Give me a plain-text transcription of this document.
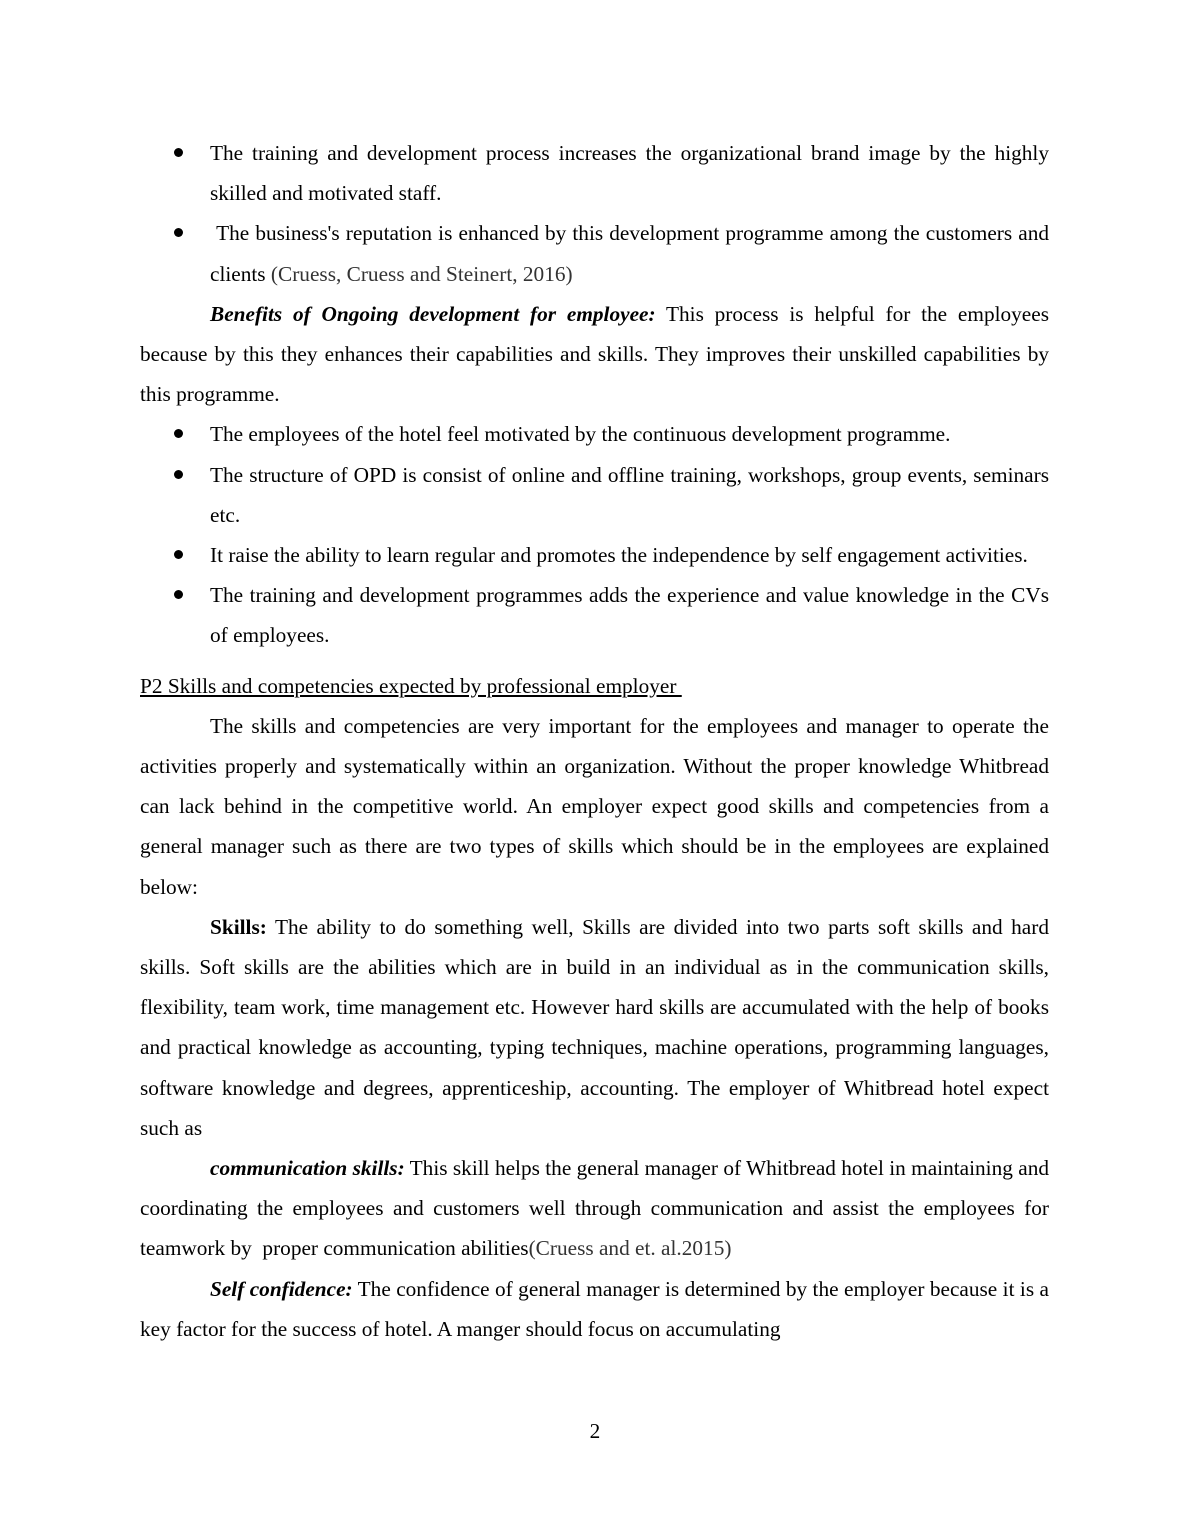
The training and development process increases the organizational brand image by the highly skilled and motivated staff.
The business's reputation is enhanced by this development programme among the customers and clients (Cruess, Cruess and Steinert, 2016)

Benefits of Ongoing development for employee: This process is helpful for the employees because by this they enhances their capabilities and skills. They improves their unskilled capabilities by this programme.

The employees of the hotel feel motivated by the continuous development programme.
The structure of OPD is consist of online and offline training, workshops, group events, seminars etc.
It raise the ability to learn regular and promotes the independence by self engagement activities.
The training and development programmes adds the experience and value knowledge in the CVs  of employees.

P2 Skills and competencies expected by professional employer

The skills and competencies are very important for the employees and manager to operate the activities properly and systematically within an organization. Without the proper knowledge Whitbread can lack behind in the competitive world. An employer expect good skills and competencies from a general manager such as there are two types of skills which should be in the employees are explained below:

Skills: The ability to do something well, Skills are divided into two parts soft skills and hard skills. Soft skills are the abilities which are in build in an individual as in the communication skills, flexibility, team work, time management etc. However hard skills are accumulated with the help of books and practical knowledge as accounting, typing techniques, machine operations, programming languages, software knowledge and degrees, apprenticeship, accounting. The employer of Whitbread hotel expect such as

communication skills: This skill helps the general manager of Whitbread hotel in maintaining and coordinating the employees and customers well through communication and assist the employees for teamwork by  proper communication abilities(Cruess and et. al.2015)

Self confidence: The confidence of general manager is determined by the employer because it is a key factor for the success of hotel. A manger should focus on accumulating

2
